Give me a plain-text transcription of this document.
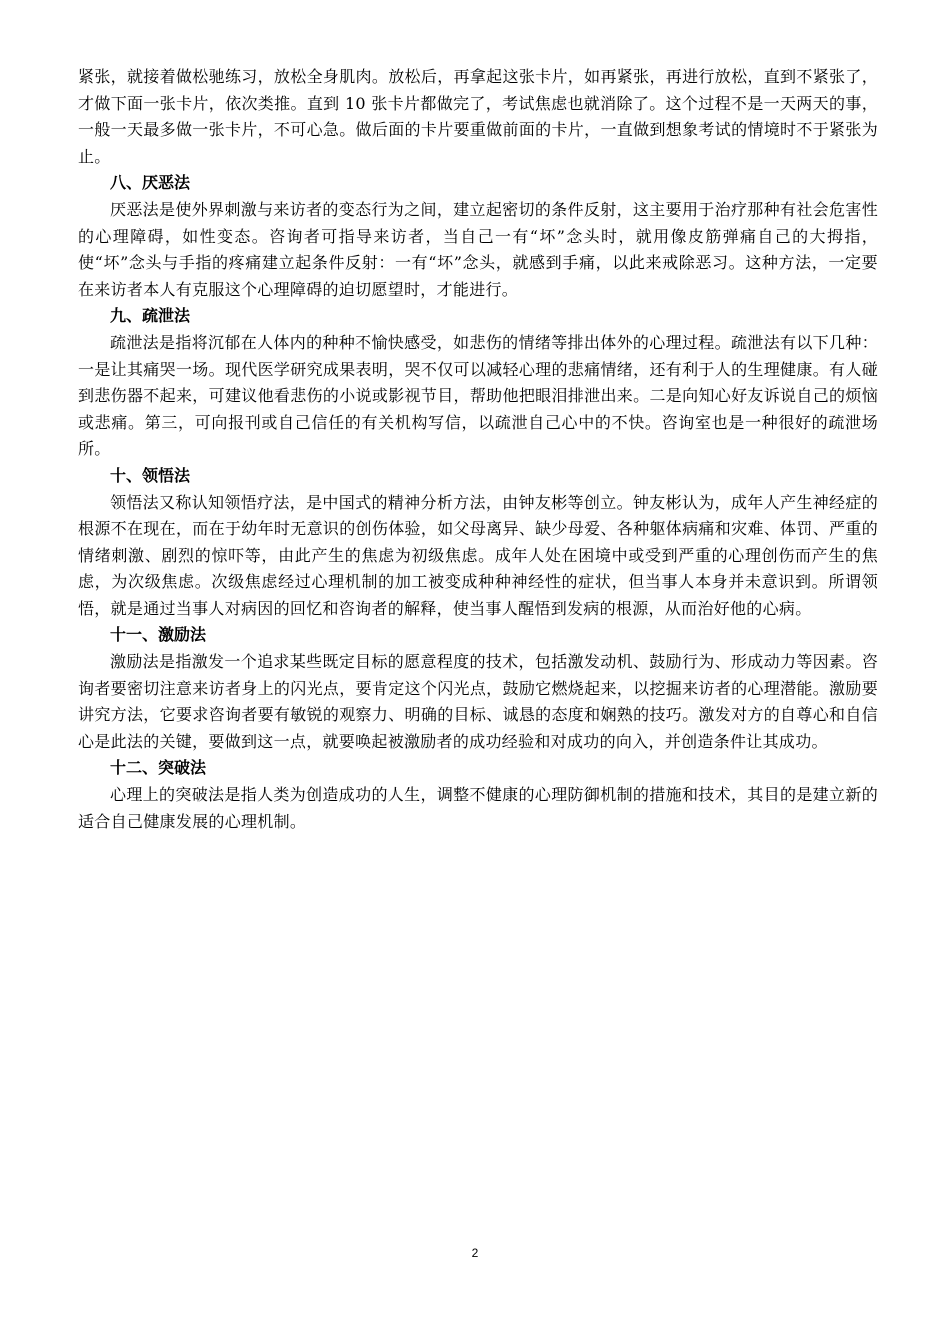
紧张，就接着做松驰练习，放松全身肌肉。放松后，再拿起这张卡片，如再紧张，再进行放松，直到不紧张了，才做下面一张卡片，依次类推。直到 10 张卡片都做完了，考试焦虑也就消除了。这个过程不是一天两天的事，一般一天最多做一张卡片，不可心急。做后面的卡片要重做前面的卡片，一直做到想象考试的情境时不于紧张为止。

八、厌恶法

厌恶法是使外界刺激与来访者的变态行为之间，建立起密切的条件反射，这主要用于治疗那种有社会危害性的心理障碍，如性变态。咨询者可指导来访者，当自己一有“坏”念头时，就用像皮筋弹痛自己的大拇指，使“坏”念头与手指的疼痛建立起条件反射：一有“坏”念头，就感到手痛，以此来戒除恶习。这种方法，一定要在来访者本人有克服这个心理障碍的迫切愿望时，才能进行。

九、疏泄法

疏泄法是指将沉郁在人体内的种种不愉快感受，如悲伤的情绪等排出体外的心理过程。疏泄法有以下几种：一是让其痛哭一场。现代医学研究成果表明，哭不仅可以减轻心理的悲痛情绪，还有利于人的生理健康。有人碰到悲伤器不起来，可建议他看悲伤的小说或影视节目，帮助他把眼泪排泄出来。二是向知心好友诉说自己的烦恼或悲痛。第三，可向报刊或自己信任的有关机构写信，以疏泄自己心中的不快。咨询室也是一种很好的疏泄场所。

十、领悟法

领悟法又称认知领悟疗法，是中国式的精神分析方法，由钟友彬等创立。钟友彬认为，成年人产生神经症的根源不在现在，而在于幼年时无意识的创伤体验，如父母离异、缺少母爱、各种躯体病痛和灾难、体罚、严重的情绪刺激、剧烈的惊吓等，由此产生的焦虑为初级焦虑。成年人处在困境中或受到严重的心理创伤而产生的焦虑，为次级焦虑。次级焦虑经过心理机制的加工被变成种种神经性的症状，但当事人本身并未意识到。所谓领悟，就是通过当事人对病因的回忆和咨询者的解释，使当事人醒悟到发病的根源，从而治好他的心病。

十一、激励法

激励法是指激发一个追求某些既定目标的愿意程度的技术，包括激发动机、鼓励行为、形成动力等因素。咨询者要密切注意来访者身上的闪光点，要肯定这个闪光点，鼓励它燃烧起来，以挖掘来访者的心理潜能。激励要讲究方法，它要求咨询者要有敏锐的观察力、明确的目标、诚恳的态度和娴熟的技巧。激发对方的自尊心和自信心是此法的关键，要做到这一点，就要唤起被激励者的成功经验和对成功的向入，并创造条件让其成功。

十二、突破法

心理上的突破法是指人类为创造成功的人生，调整不健康的心理防御机制的措施和技术，其目的是建立新的适合自己健康发展的心理机制。

2
